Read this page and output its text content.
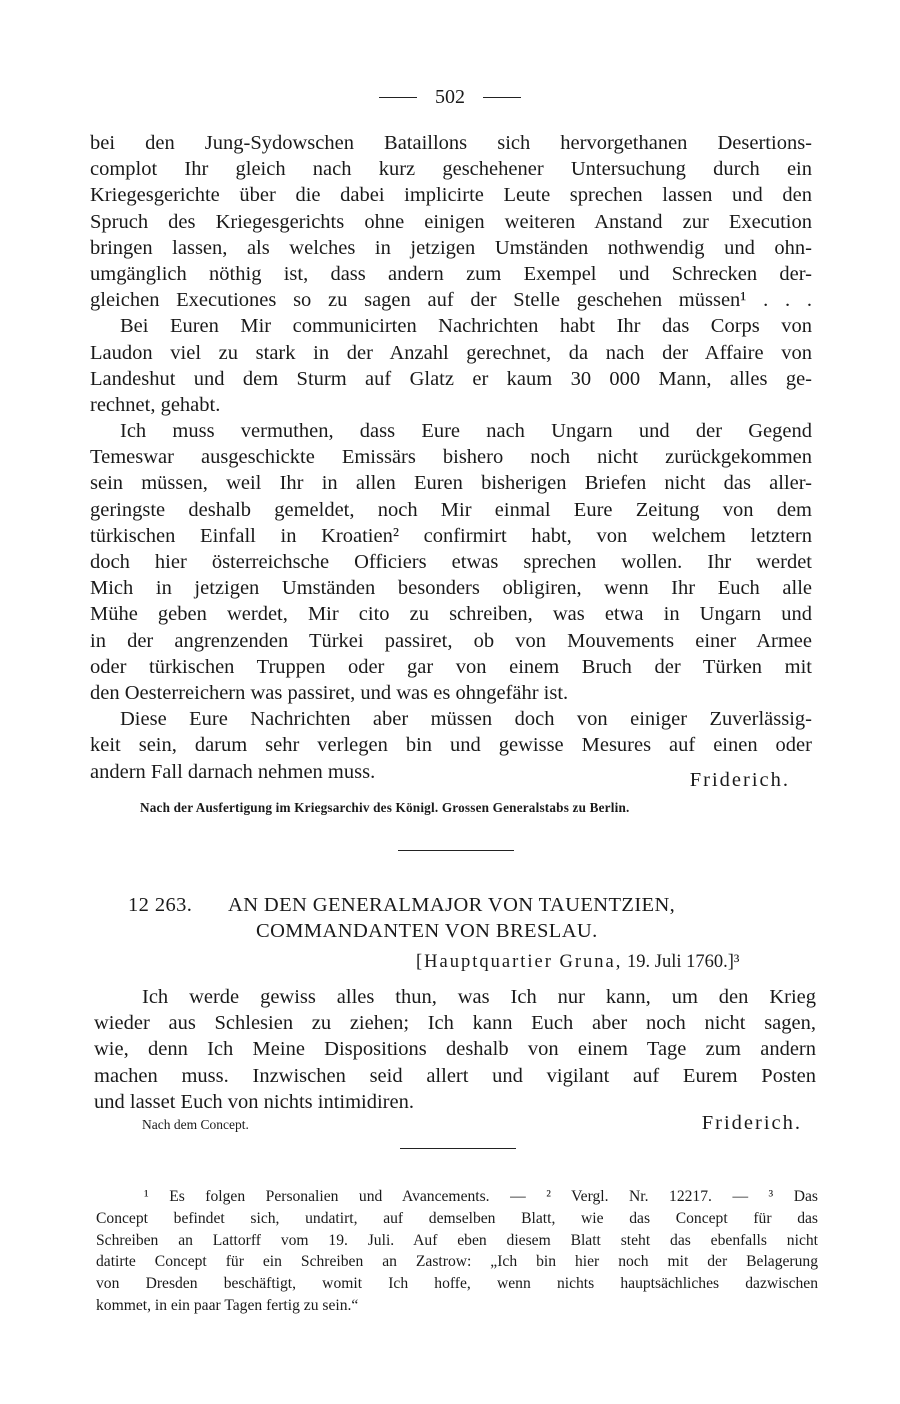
502
bei den Jung-Sydowschen Bataillons sich hervorgethanen Desertions-
complot Ihr gleich nach kurz geschehener Untersuchung durch ein
Kriegesgerichte über die dabei implicirte Leute sprechen lassen und den
Spruch des Kriegesgerichts ohne einigen weiteren Anstand zur Execution
bringen lassen, als welches in jetzigen Umständen nothwendig und ohn-
umgänglich nöthig ist, dass andern zum Exempel und Schrecken der-
gleichen Executiones so zu sagen auf der Stelle geschehen müssen¹ . . .
Bei Euren Mir communicirten Nachrichten habt Ihr das Corps von
Laudon viel zu stark in der Anzahl gerechnet, da nach der Affaire von
Landeshut und dem Sturm auf Glatz er kaum 30 000 Mann, alles ge-
rechnet, gehabt.
Ich muss vermuthen, dass Eure nach Ungarn und der Gegend
Temeswar ausgeschickte Emissärs bishero noch nicht zurückgekommen
sein müssen, weil Ihr in allen Euren bisherigen Briefen nicht das aller-
geringste deshalb gemeldet, noch Mir einmal Eure Zeitung von dem
türkischen Einfall in Kroatien² confirmirt habt, von welchem letztern
doch hier österreichsche Officiers etwas sprechen wollen. Ihr werdet
Mich in jetzigen Umständen besonders obligiren, wenn Ihr Euch alle
Mühe geben werdet, Mir cito zu schreiben, was etwa in Ungarn und
in der angrenzenden Türkei passiret, ob von Mouvements einer Armee
oder türkischen Truppen oder gar von einem Bruch der Türken mit
den Oesterreichern was passiret, und was es ohngefähr ist.
Diese Eure Nachrichten aber müssen doch von einiger Zuverlässig-
keit sein, darum sehr verlegen bin und gewisse Mesures auf einen oder
andern Fall darnach nehmen muss.	Friderich.
Nach der Ausfertigung im Kriegsarchiv des Königl. Grossen Generalstabs zu Berlin.
12 263. AN DEN GENERALMAJOR VON TAUENTZIEN,
COMMANDANTEN VON BRESLAU.
[Hauptquartier Gruna, 19. Juli 1760.]³
Ich werde gewiss alles thun, was Ich nur kann, um den Krieg
wieder aus Schlesien zu ziehen; Ich kann Euch aber noch nicht sagen,
wie, denn Ich Meine Dispositions deshalb von einem Tage zum andern
machen muss. Inzwischen seid allert und vigilant auf Eurem Posten
und lasset Euch von nichts intimidiren.
Nach dem Concept.	Friderich.
¹ Es folgen Personalien und Avancements. — ² Vergl. Nr. 12217. — ³ Das
Concept befindet sich, undatirt, auf demselben Blatt, wie das Concept für das
Schreiben an Lattorff vom 19. Juli. Auf eben diesem Blatt steht das ebenfalls nicht
datirte Concept für ein Schreiben an Zastrow: „Ich bin hier noch mit der Belagerung
von Dresden beschäftigt, womit Ich hoffe, wenn nichts hauptsächliches dazwischen
kommet, in ein paar Tagen fertig zu sein.“
